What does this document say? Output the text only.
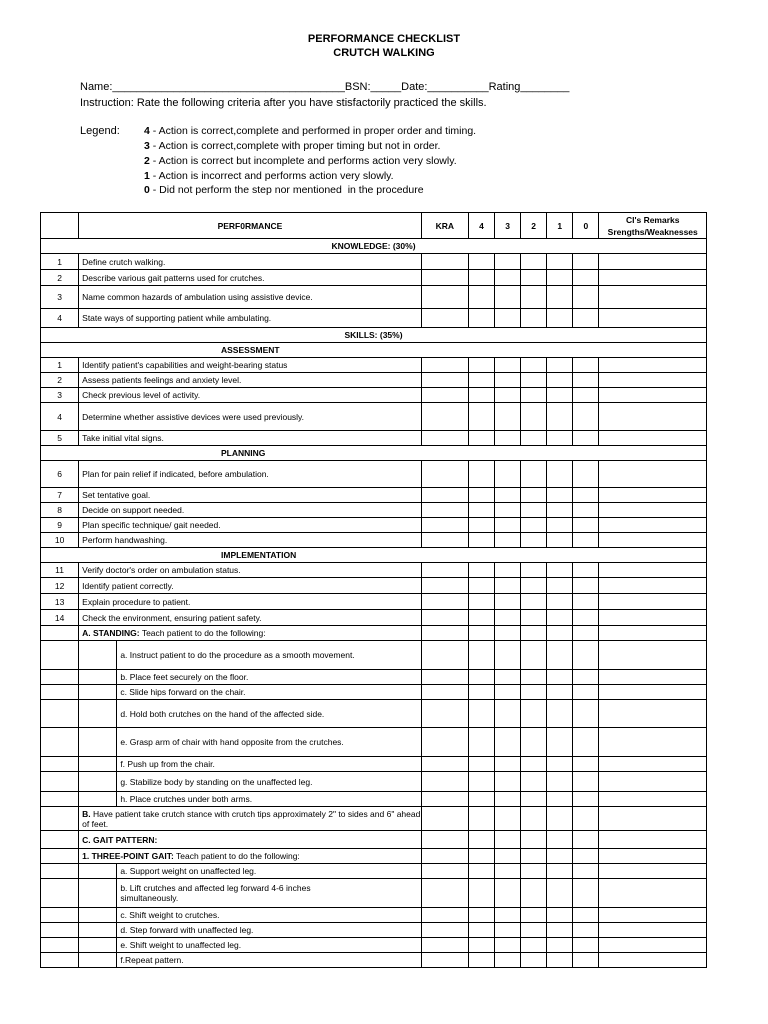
PERFORMANCE CHECKLIST
CRUTCH WALKING
Name:______________________________________BSN:_____Date:__________Rating________
Instruction: Rate the following criteria after you have stisfactorily practiced the skills.
Legend: 4 - Action is correct,complete and performed in proper order and timing.
3 - Action is correct,complete with proper timing but not in order.
2 - Action is correct but incomplete and performs action very slowly.
1 - Action is incorrect and performs action very slowly.
0 - Did not perform the step nor mentioned  in the procedure
	PERF0RMANCE		KRA	4	3	2	1	0	CI's Remarks
Srengths/Weaknesses
KNOWLEDGE: (30%)									
1	Define crutch walking.								
2	Describe various gait patterns used for crutches.								
3	Name common hazards of ambulation using assistive device.								
4	State ways of supporting patient while ambulating.								
SKILLS: (35%)									
ASSESSMENT									
1	Identify patient's capabilities and weight-bearing status								
2	Assess patients feelings and anxiety level.								
3	Check previous level of activity.								
4	Determine whether assistive devices were used previously.								
5	Take initial vital signs.								
PLANNING									
6	Plan for pain relief if indicated, before ambulation.								
7	Set tentative goal.								
8	Decide on support needed.								
9	Plan specific technique/ gait needed.								
10	Perform handwashing.								
IMPLEMENTATION									
11	Verify doctor's order on ambulation status.								
12	Identify patient correctly.								
13	Explain procedure to patient.								
14	Check the environment, ensuring patient safety.								
	A. STANDING: Teach patient to do the following:								
		a. Instruct patient to do the procedure as a smooth movement.							
		b. Place feet securely on the floor.							
		c. Slide hips forward on the chair.							
		d. Hold both crutches on the hand of the affected side.							
		e. Grasp arm of chair with hand opposite from the crutches.							
		f. Push up from the chair.							
		g. Stabilize body by standing on the unaffected leg.							
		h. Place crutches under both arms.							
	B. Have patient take crutch stance with crutch tips approximately 2" to sides and 6" ahead of feet.								
	C. GAIT PATTERN:								
	1. THREE-POINT GAIT: Teach patient to do the following:								
		a. Support weight on unaffected leg.							
		b. Lift crutches and affected leg forward 4-6 inches
simultaneously.							
		c. Shift weight to crutches.							
		d. Step forward with unaffected leg.							
		e. Shift weight to unaffected leg.							
		f.Repeat pattern.							
